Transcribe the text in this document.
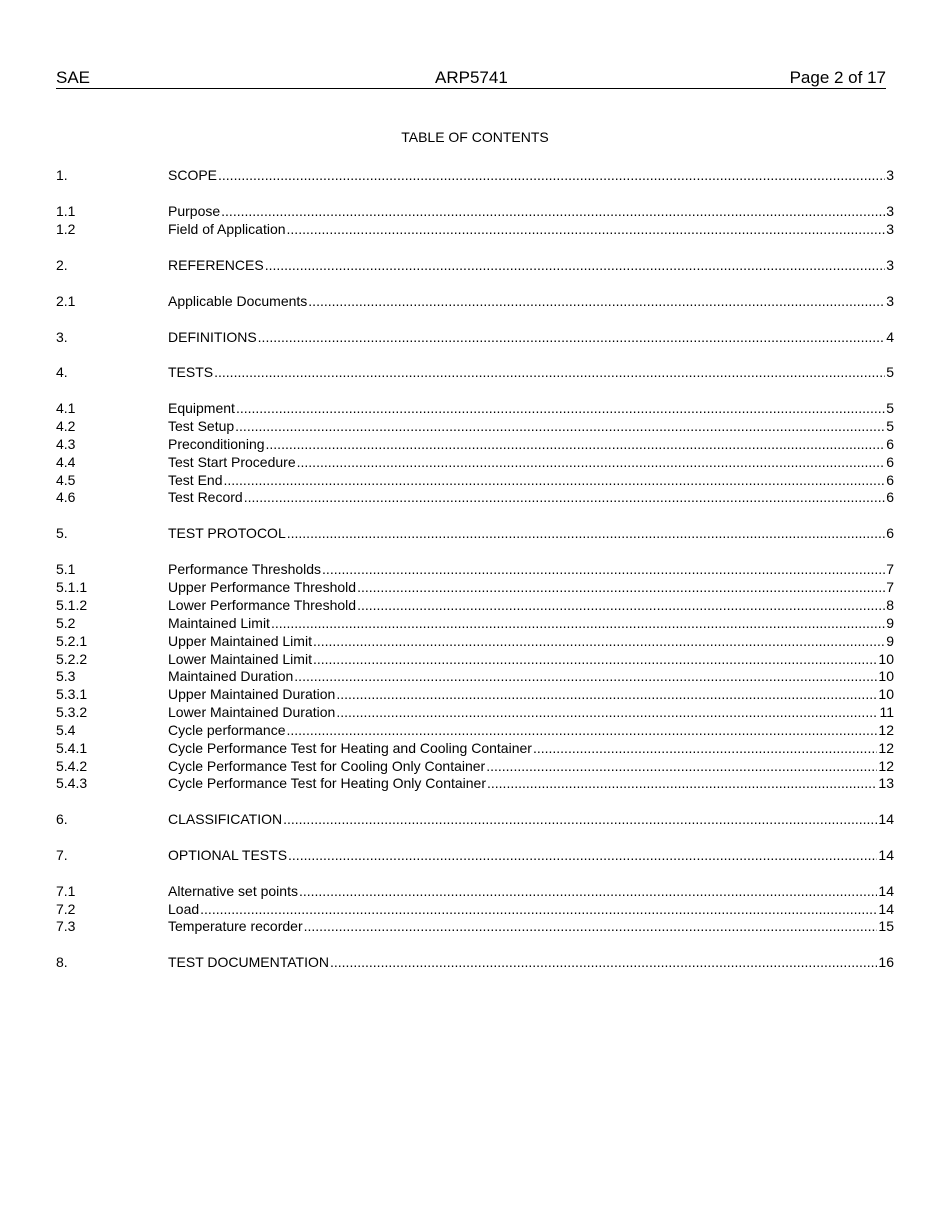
SAE	ARP5741	Page 2 of 17
TABLE OF CONTENTS
1.	SCOPE .....	3
1.1	Purpose .....	3
1.2	Field of Application .....	3
2.	REFERENCES .....	3
2.1	Applicable Documents .....	3
3.	DEFINITIONS .....	4
4.	TESTS .....	5
4.1	Equipment .....	5
4.2	Test Setup .....	5
4.3	Preconditioning .....	6
4.4	Test Start Procedure .....	6
4.5	Test End .....	6
4.6	Test Record .....	6
5.	TEST PROTOCOL .....	6
5.1	Performance Thresholds .....	7
5.1.1	Upper Performance Threshold .....	7
5.1.2	Lower Performance Threshold .....	8
5.2	Maintained Limit .....	9
5.2.1	Upper Maintained Limit .....	9
5.2.2	Lower Maintained Limit .....	10
5.3	Maintained Duration .....	10
5.3.1	Upper Maintained Duration .....	10
5.3.2	Lower Maintained Duration .....	11
5.4	Cycle performance .....	12
5.4.1	Cycle Performance Test for Heating and Cooling Container .....	12
5.4.2	Cycle Performance Test for Cooling Only Container .....	12
5.4.3	Cycle Performance Test for Heating Only Container .....	13
6.	CLASSIFICATION .....	14
7.	OPTIONAL TESTS .....	14
7.1	Alternative set points .....	14
7.2	Load .....	14
7.3	Temperature recorder .....	15
8.	TEST DOCUMENTATION .....	16
